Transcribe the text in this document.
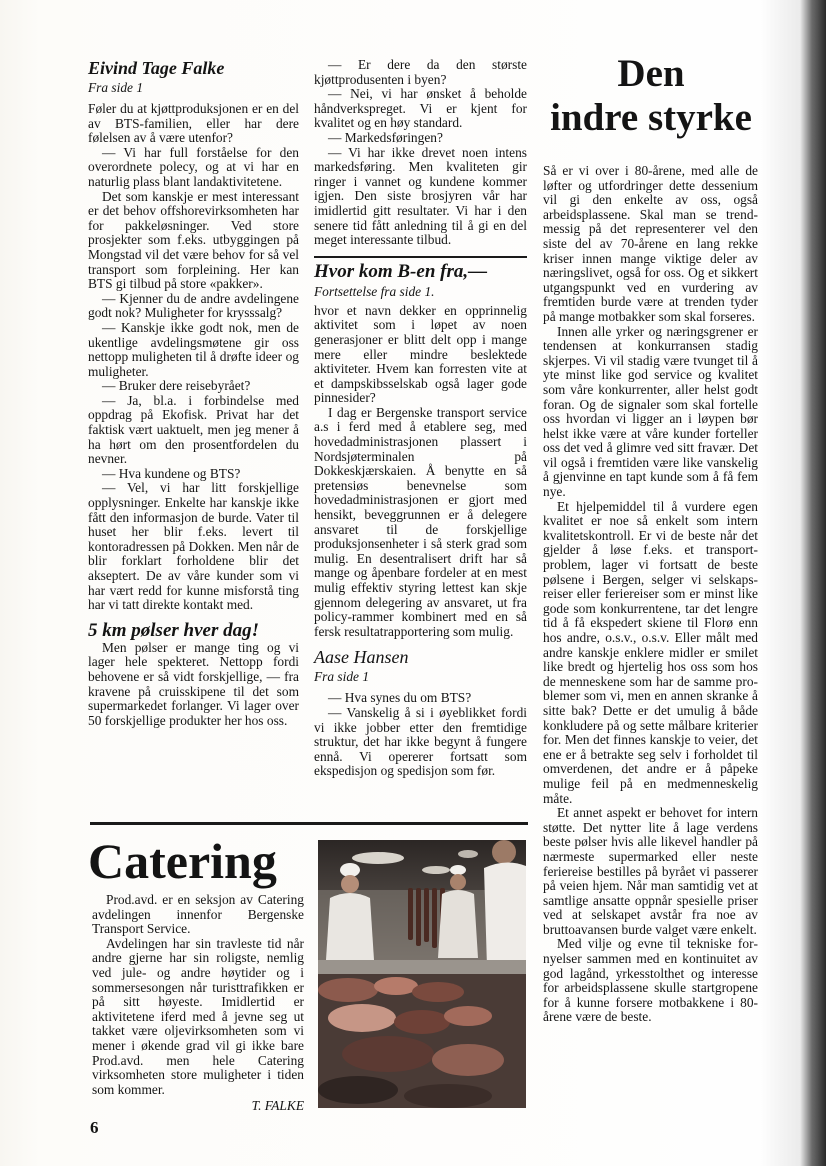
Eivind Tage Falke
Fra side 1

Føler du at kjøttproduksjonen er en del av BTS-familien, eller har dere følelsen av å være utenfor?

— Vi har full forståelse for den overordnete polecy, og at vi har en naturlig plass blant landaktivitetene.

Det som kanskje er mest interessant er det behov offshorevirksomheten har for pakkeløsninger. Ved store prosjekter som f.eks. utbyggingen på Mongstad vil det være behov for så vel transport som forpleining. Her kan BTS gi tilbud på store «pakker».

— Kjenner du de andre avdelingene godt nok? Muligheter for krysssalg?

— Kanskje ikke godt nok, men de ukentlige avdelingsmøtene gir oss nettopp muligheten til å drøfte ideer og muligheter.

— Bruker dere reisebyrået?

— Ja, bl.a. i forbindelse med oppdrag på Ekofisk. Privat har det faktisk vært uaktuelt, men jeg mener å ha hørt om den prosentfordelen du nevner.

— Hva kundene og BTS?

— Vel, vi har litt forskjellige opplysninger. Enkelte har kanskje ikke fått den informasjon de burde. Vater til huset her blir f.eks. levert til kontoradressen på Dokken. Men når de blir forklart forholdene blir det akseptert. De av våre kunder som vi har vært redd for kunne misforstå ting har vi tatt direkte kontakt med.

5 km pølser hver dag!

Men pølser er mange ting og vi lager hele spekteret. Nettopp fordi behovene er så vidt forskjellige, — fra kravene på cruisskipene til det som supermarkedet forlanger. Vi lager over 50 forskjellige produkter her hos oss.

— Er dere da den største kjøttprodusenten i byen?

— Nei, vi har ønsket å beholde håndverkspreget. Vi er kjent for kvalitet og en høy standard.

— Markedsføringen?

— Vi har ikke drevet noen intens markedsføring. Men kvaliteten gir ringer i vannet og kundene kommer igjen. Den siste brosjyren vår har imidlertid gitt resultater. Vi har i den senere tid fått anledning til å gi en del meget interessante tilbud.

Hvor kom B-en fra,—
Fortsettelse fra side 1.

hvor et navn dekker en opprinnelig aktivitet som i løpet av noen generasjoner er blitt delt opp i mange mere eller mindre beslektede aktiviteter. Hvem kan forresten vite at et dampskibsselskab også lager gode pinnesider?

I dag er Bergenske transport service a.s i ferd med å etablere seg, med hovedadministrasjonen plassert i Nordsjøterminalen på Dokkeskjærskaien. Å benytte en så pretensiøs benevnelse som hovedadministrasjonen er gjort med hensikt, beveggrunnen er å delegere ansvaret til de forskjellige produksjonsenheter i så sterk grad som mulig. En desentralisert drift har så mange og åpenbare fordeler at en mest mulig effektiv styring lettest kan skje gjennom delegering av ansvaret, ut fra policy-rammer kombinert med en så fersk resultatrapportering som mulig.

Aase Hansen
Fra side 1

— Hva synes du om BTS?

— Vanskelig å si i øyeblikket fordi vi ikke jobber etter den fremtidige struktur, det har ikke begynt å fungere ennå. Vi opererer fortsatt som ekspedisjon og spedisjon som før.

Den
indre styrke

Så er vi over i 80-årene, med alle de løfter og utfordringer dette dessenium vil gi den enkelte av oss, også arbeidsplassene. Skal man se trendmessig på det representerer vel den siste del av 70-årene en lang rekke kriser innen mange viktige deler av næringslivet, også for oss. Og et sikkert utgangspunkt ved en vurdering av fremtiden burde være at trenden tyder på mange motbakker som skal forseres.

Innen alle yrker og næringsgrener er tendensen at konkurransen stadig skjerpes. Vi vil stadig være tvunget til å yte minst like god service og kvalitet som våre konkurrenter, aller helst godt foran. Og de signaler som skal fortelle oss hvordan vi ligger an i løypen bør helst ikke være at våre kunder forteller oss det ved å glimre ved sitt fravær. Det vil også i fremtiden være like vanskelig å gjenvinne en tapt kunde som å få fem nye.

Et hjelpemiddel til å vurdere egen kvalitet er noe så enkelt som intern kvalitetskontroll. Er vi de beste når det gjelder å løse f.eks. et transportproblem, lager vi fortsatt de beste pølsene i Bergen, selger vi selskapsreiser eller feriereiser som er minst like gode som konkurrentene, tar det lengre tid å få ekspedert skiene til Florø enn hos andre, o.s.v., o.s.v. Eller målt med andre kanskje enklere midler er smilet like bredt og hjertelig hos oss som hos de menneskene som har de samme problemer som vi, men en annen skranke å sitte bak? Dette er det umulig å både konkludere på og sette målbare kriterier for. Men det finnes kanskje to veier, det ene er å betrakte seg selv i forholdet til omverdenen, det andre er å påpeke mulige feil på en medmenneskelig måte.

Et annet aspekt er behovet for intern støtte. Det nytter lite å lage verdens beste pølser hvis alle likevel handler på nærmeste supermarked eller neste feriereise bestilles på byrået vi passerer på veien hjem. Når man samtidig vet at samtlige ansatte oppnår spesielle priser ved at selskapet avstår fra noe av bruttoavansen burde valget være enkelt.

Med vilje og evne til tekniske fornyelser sammen med en kontinuitet av god lagånd, yrkesstolthet og interesse for arbeidsplassene skulle startgropene for å kunne forsere motbakkene i 80-årene være de beste.

Catering

Prod.avd. er en seksjon av Catering avdelingen innenfor Bergenske Transport Service.

Avdelingen har sin travleste tid når andre gjerne har sin roligste, nemlig ved jule- og andre høytider og i sommersesongen når turisttrafikken er på sitt høyeste. Imidlertid er aktivitetene iferd med å jevne seg ut takket være oljevirksomheten som vi mener i økende grad vil gi ikke bare Prod.avd. men hele Catering virksomheten store muligheter i tiden som kommer.

T. FALKE
6
